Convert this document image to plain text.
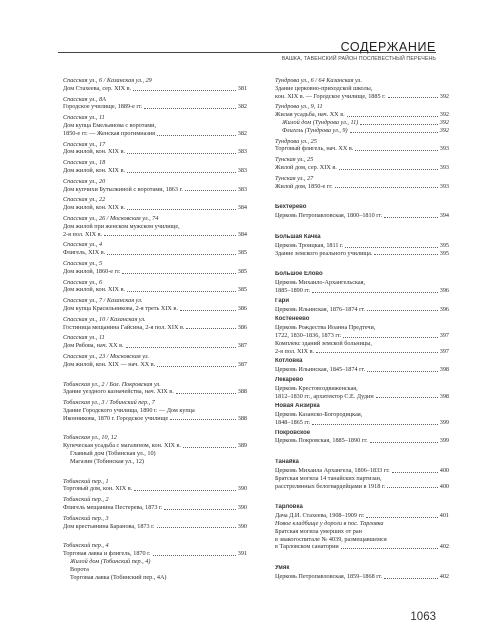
СОДЕРЖАНИЕ
ВАШКА, ТАВЕНСКИЙ РАЙОН ПОСЛЕВЕСТНЫЙ ПЕРЕЧЕНЬ
Спасская ул., 6 / Казанская ул., 29
Дом Стахеева, сер. XIX в.	381
Спасская ул., 8А
Городское училище, 1889-е гг.	382
Спасская ул., 11
Дом купца Емельянова с воротами,
1850-е гг. — Женская прогимназия	382
Спасская ул., 17
Дом жилой, кон. XIX в.	383
Спасская ул., 18
Дом жилой, кон. XIX в.	383
Спасская ул., 20
Дом купчихи Бутылкиной с воротами, 1863 г.	383
Спасская ул., 22
Дом жилой, кон. XIX в.	384
Спасская ул., 26 / Московская ул., 74
Дом жилой при женском мужском училище,
2-я пол. XIX в.	384
Спасская ул., 4
Флигель, XIX в.	385
Спасская ул., 5
Дом жилой, 1860-е гг.	385
Спасская ул., 6
Дом жилой, кон. XIX в.	385
Спасская ул., 7 / Казанская ул.
Дом купца Красильникова, 2-я треть XIX в.	386
Спасская ул., 10 / Казанская ул.
Гостиница мещанина Гайсина, 2-я пол. XIX в.	386
Спасская ул., 11
Дом Рябова, нач. XX в.	387
Спасская ул., 23 / Московская ул.
Дом жилой, кон. XIX — нач. XX в.	387
Тобинская ул., 2 / Бол. Покровская ул.
Здание уездного казначейства, нач. XIX в.	388
Тобинская ул., 3 / Тобинский пер., 7
Здание Городского училища, 1890 г. — Дом купца
Иконникова, 1870 г. Городское училище	388
Тобинская ул., 10, 12
Купеческая усадьба с магазином, кон. XIX в.	389
Главный дом (Тобинская ул., 10)
Магазин (Тобинская ул., 12)
Тобинский пер., 1
Торговый дом, кон. XIX в.	390
Тобинский пер., 2
Флигель мещанина Пестерева, 1873 г.	390
Тобинский пер., 3
Дом крестьянина Баранова, 1873 г.	390
Тобинский пер., 4
Торговая лавка и флигель, 1870 г.	391
Жилой дом (Тобинский пер., 4)
Ворота
Торговая лавка (Тобинский пер., 4А)
Тундрова ул., 6 / 64 Казанская ул.
Здание церковно-приходской школы,
кон. XIX в. — Городское училище, 1885 г.	392
Тундрова ул., 9, 11
Жилая усадьба, нач. XX в.	392
Жилой дом (Тундрова ул., 11)	392
Флигель (Тундрова ул., 9)	392
Тундрова ул., 25
Торговый флигель, нач. XX в.	393
Тунская ул., 25
Жилой дом, сер. XIX в.	393
Тунская ул., 27
Жилой дом, 1850-е гг.	393
Бехтерево
Церковь Петропавловская, 1800–1810 гг.	394
Большая Качка
Церковь Троицкая, 1811 г.	395
Здание земского реального училища.	395
Большое Елово
Церковь Михаило-Архангельская,
1885–1890 гг.	396
Гари
Церковь Ильинская, 1876–1874 гг.	396
Костенеево
Церковь Рождества Иоанна Предтечи,
1722, 1830–1836, 1873 гг.	397
Комплекс зданий земской больницы,
2-я пол. XIX в.	397
Котловка
Церковь Ильинская, 1845–1874 гг.	398
Лекарево
Церковь Крестовоздвиженская,
1812–1830 гг., архитектор С.Е. Дудин	398
Новая Анзирка
Церковь Казанско-Богородицкая,
1848–1865 гг.	399
Покровское
Церковь Покровская, 1885–1890 гг.	399
Танайка
Церковь Михаила Архангела, 1806–1833 гг.	400
Братская могила 14 танайских партизан,
расстрелянных белогвардейцами в 1918 г.	400
Тарловка
Дача Д.И. Стахеева, 1908–1909 гг.	401
Новое кладбище у дороги в пос. Тарловка
Братская могила умерших от ран
в эвакогоспитале № 4039, размещавшемся
в Тарловском санатории	402
Умяк
Церковь Петропавловская, 1859–1868 гг.	402
1063
